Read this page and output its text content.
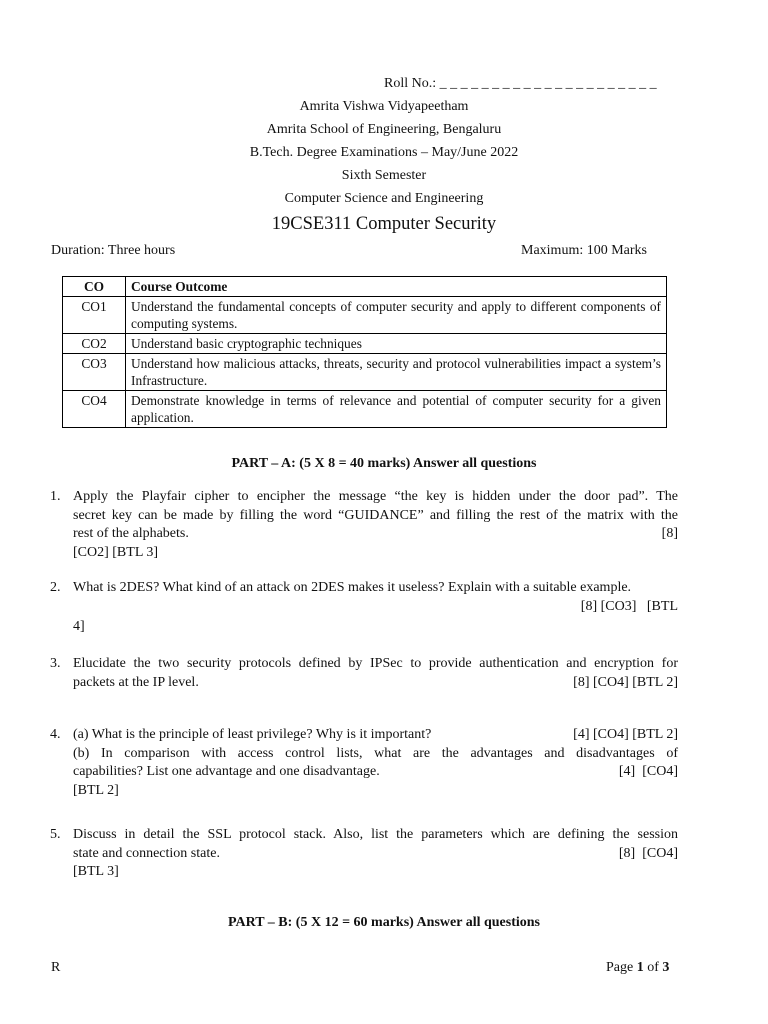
Roll No.: _ _ _ _ _ _ _ _ _ _ _ _ _ _ _ _ _ _ _ _ _
Amrita Vishwa Vidyapeetham
Amrita School of Engineering, Bengaluru
B.Tech. Degree Examinations – May/June 2022
Sixth Semester
Computer Science and Engineering
19CSE311 Computer Security
Duration: Three hours	Maximum: 100 Marks
CO	Course Outcome
CO1	Understand the fundamental concepts of computer security and apply to different components of computing systems.
CO2	Understand basic cryptographic techniques
CO3	Understand how malicious attacks, threats, security and protocol vulnerabilities impact a system’s Infrastructure.
CO4	Demonstrate knowledge in terms of relevance and potential of computer security for a given application.
PART – A: (5 X 8 = 40 marks) Answer all questions
1. Apply the Playfair cipher to encipher the message “the key is hidden under the door pad”. The
secret key can be made by filling the word “GUIDANCE” and filling the rest of the matrix with the
rest of the alphabets.	[8]
[CO2] [BTL 3]
2. What is 2DES? What kind of an attack on 2DES makes it useless? Explain with a suitable example.
[8] [CO3] [BTL
4]
3. Elucidate the two security protocols defined by IPSec to provide authentication and encryption for
packets at the IP level.	[8] [CO4] [BTL 2]
4. (a) What is the principle of least privilege? Why is it important?	[4] [CO4] [BTL 2]
(b) In comparison with access control lists, what are the advantages and disadvantages of
capabilities? List one advantage and one disadvantage.	[4]  [CO4]
[BTL 2]
5. Discuss in detail the SSL protocol stack. Also, list the parameters which are defining the session
state and connection state.	[8]  [CO4]
[BTL 3]
PART – B: (5 X 12 = 60 marks) Answer all questions
R	Page 1 of 3
